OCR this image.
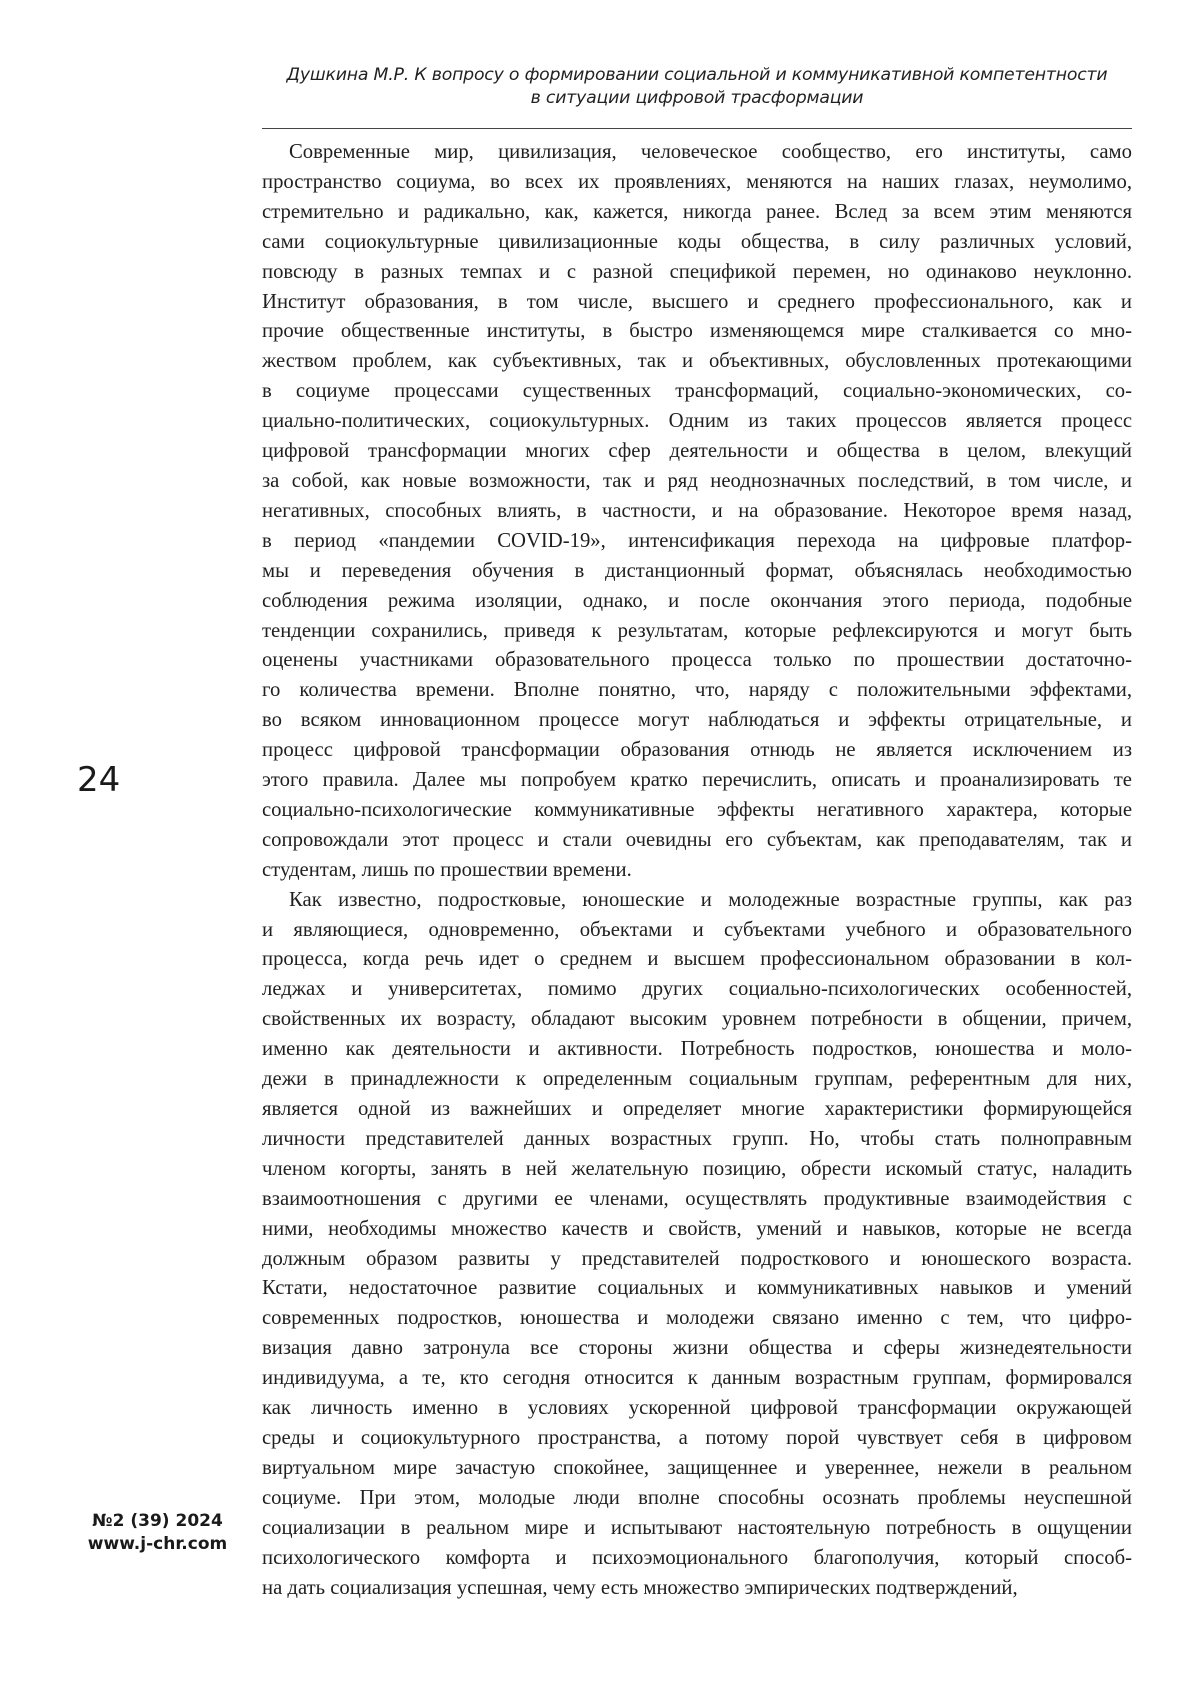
Душкина М.Р. К вопросу о формировании социальной и коммуникативной компетентности
в ситуации цифровой трасформации

Современные мир, цивилизация, человеческое сообщество, его институты, само
пространство социума, во всех их проявлениях, меняются на наших глазах, неумолимо,
стремительно и радикально, как, кажется, никогда ранее. Вслед за всем этим меняются
сами социокультурные цивилизационные коды общества, в силу различных условий,
повсюду в разных темпах и с разной спецификой перемен, но одинаково неуклонно.
Институт образования, в том числе, высшего и среднего профессионального, как и
прочие общественные институты, в быстро изменяющемся мире сталкивается со мно-
жеством проблем, как субъективных, так и объективных, обусловленных протекающими
в социуме процессами существенных трансформаций, социально-экономических, со-
циально-политических, социокультурных. Одним из таких процессов является процесс
цифровой трансформации многих сфер деятельности и общества в целом, влекущий
за собой, как новые возможности, так и ряд неоднозначных последствий, в том числе, и
негативных, способных влиять, в частности, и на образование. Некоторое время назад,
в период «пандемии COVID-19», интенсификация перехода на цифровые платфор-
мы и переведения обучения в дистанционный формат, объяснялась необходимостью
соблюдения режима изоляции, однако, и после окончания этого периода, подобные
тенденции сохранились, приведя к результатам, которые рефлексируются и могут быть
оценены участниками образовательного процесса только по прошествии достаточно-
го количества времени. Вполне понятно, что, наряду с положительными эффектами,
во всяком инновационном процессе могут наблюдаться и эффекты отрицательные, и
процесс цифровой трансформации образования отнюдь не является исключением из
этого правила. Далее мы попробуем кратко перечислить, описать и проанализировать те
социально-психологические коммуникативные эффекты негативного характера, которые
сопровождали этот процесс и стали очевидны его субъектам, как преподавателям, так и
студентам, лишь по прошествии времени.

Как известно, подростковые, юношеские и молодежные возрастные группы, как раз
и являющиеся, одновременно, объектами и субъектами учебного и образовательного
процесса, когда речь идет о среднем и высшем профессиональном образовании в кол-
леджах и университетах, помимо других социально-психологических особенностей,
свойственных их возрасту, обладают высоким уровнем потребности в общении, причем,
именно как деятельности и активности. Потребность подростков, юношества и моло-
дежи в принадлежности к определенным социальным группам, референтным для них,
является одной из важнейших и определяет многие характеристики формирующейся
личности представителей данных возрастных групп. Но, чтобы стать полноправным
членом когорты, занять в ней желательную позицию, обрести искомый статус, наладить
взаимоотношения с другими ее членами, осуществлять продуктивные взаимодействия с
ними, необходимы множество качеств и свойств, умений и навыков, которые не всегда
должным образом развиты у представителей подросткового и юношеского возраста.
Кстати, недостаточное развитие социальных и коммуникативных навыков и умений
современных подростков, юношества и молодежи связано именно с тем, что цифро-
визация давно затронула все стороны жизни общества и сферы жизнедеятельности
индивидуума, а те, кто сегодня относится к данным возрастным группам, формировался
как личность именно в условиях ускоренной цифровой трансформации окружающей
среды и социокультурного пространства, а потому порой чувствует себя в цифровом
виртуальном мире зачастую спокойнее, защищеннее и увереннее, нежели в реальном
социуме. При этом, молодые люди вполне способны осознать проблемы неуспешной
социализации в реальном мире и испытывают настоятельную потребность в ощущении
психологического комфорта и психоэмоционального благополучия, который способ-
на дать социализация успешная, чему есть множество эмпирических подтверждений,

24
№2 (39) 2024
www.j-chr.com
